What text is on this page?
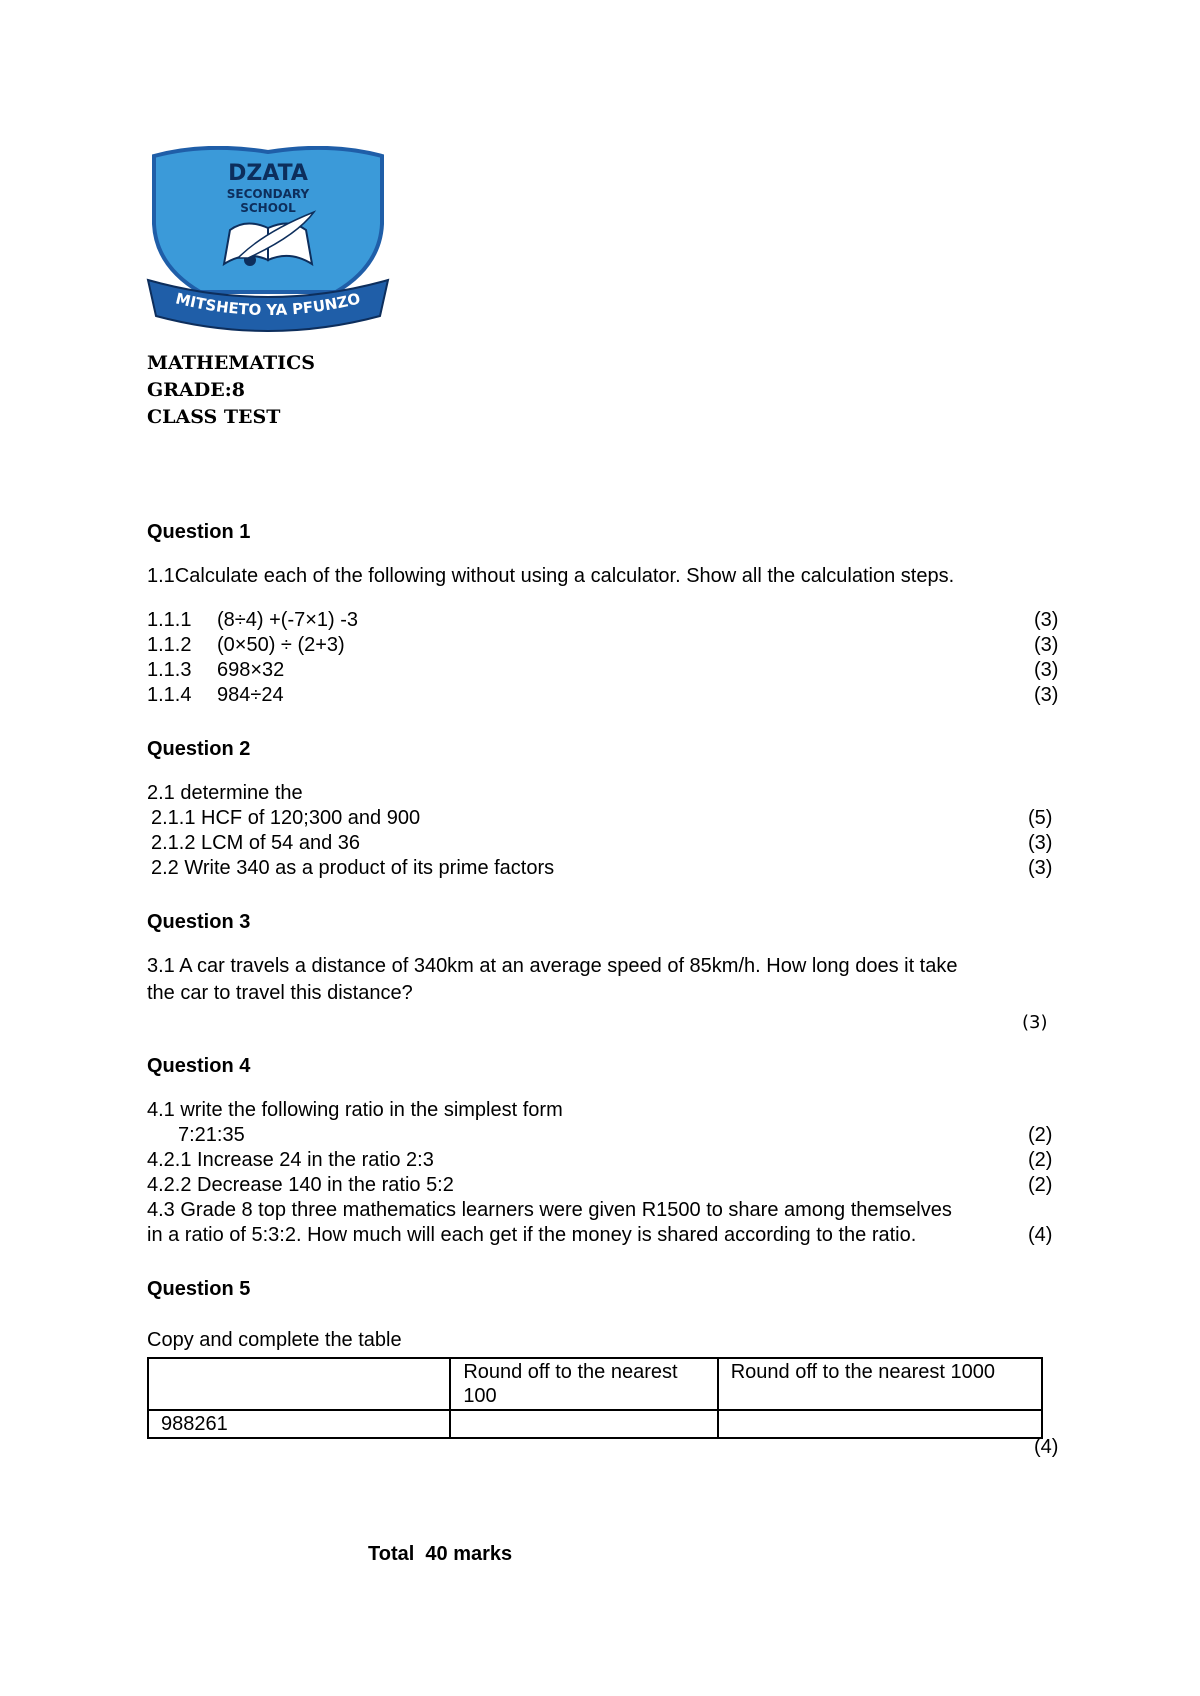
DZATA
SECONDARY
SCHOOL
MITSHETO YA PFUNZO
MATHEMATICS
GRADE:8
CLASS TEST
Question 1
1.1Calculate each of the following without using a calculator. Show all the calculation steps.
1.1.1 (8÷4) +(-7×1) -3	(3)
1.1.2 (0×50) ÷ (2+3)	(3)
1.1.3 698×32	(3)
1.1.4 984÷24	(3)
Question 2
2.1 determine the
2.1.1 HCF of 120;300 and 900	(5)
2.1.2 LCM of 54 and 36	(3)
2.2 Write 340 as a product of its prime factors	(3)
Question 3
3.1 A car travels a distance of 340km at an average speed of 85km/h. How long does it take
the car to travel this distance?
(3)
Question 4
4.1 write the following ratio in the simplest form
7:21:35	(2)
4.2.1 Increase 24 in the ratio 2:3	(2)
4.2.2 Decrease 140 in the ratio 5:2	(2)
4.3 Grade 8 top three mathematics learners were given R1500 to share among themselves
in a ratio of 5:3:2. How much will each get if the money is shared according to the ratio.	(4)
Question 5
Copy and complete the table
	Round off to the nearest 100	Round off to the nearest 1000
988261		
(4)
Total  40 marks
